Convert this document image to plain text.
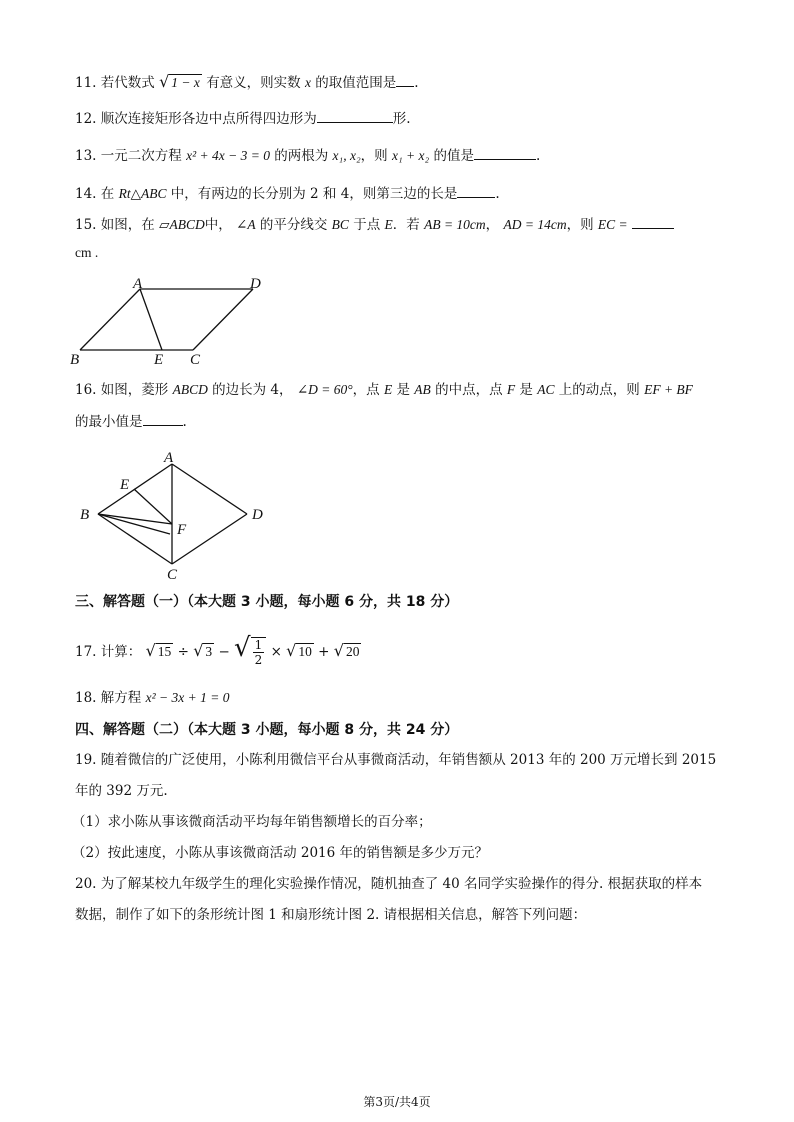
11. 若代数式 √ 1 − x 有意义，则实数 x 的取值范围是 .
12. 顺次连接矩形各边中点所得四边形为	形.
13. 一元二次方程 x² + 4x − 3 = 0 的两根为 x₁, x₂，则 x₁ + x₂ 的值是	.
14. 在 Rt△ABC 中，有两边的长分别为 2 和 4，则第三边的长是	.
15. 如图，在 ▱ABCD中， ∠A 的平分线交 BC 于点 E．若 AB = 10cm， AD = 14cm，则 EC =
cm .
A	D
B	E C
16. 如图，菱形 ABCD 的边长为 4， ∠D = 60°，点 E 是 AB 的中点，点 F 是 AC 上的动点，则 EF + BF
的最小值是	.
A
E
B
F
D
C
三、解答题（一）（本大题 3 小题，每小题 6 分，共 18 分）
17. 计算： √ 15 ÷ √ 3 − √ $\frac{1}{2}$ × √ 10 + √ 20
18. 解方程 x² − 3x + 1 = 0
四、解答题（二）（本大题 3 小题，每小题 8 分，共 24 分）
19. 随着微信的广泛使用，小陈利用微信平台从事微商活动，年销售额从 2013 年的 200 万元增长到 2015
年的 392 万元.
（1）求小陈从事该微商活动平均每年销售额增长的百分率；
（2）按此速度，小陈从事该微商活动 2016 年的销售额是多少万元？
20. 为了解某校九年级学生的理化实验操作情况，随机抽查了 40 名同学实验操作的得分. 根据获取的样本
数据，制作了如下的条形统计图 1 和扇形统计图 2. 请根据相关信息，解答下列问题：
第3页/共4页
